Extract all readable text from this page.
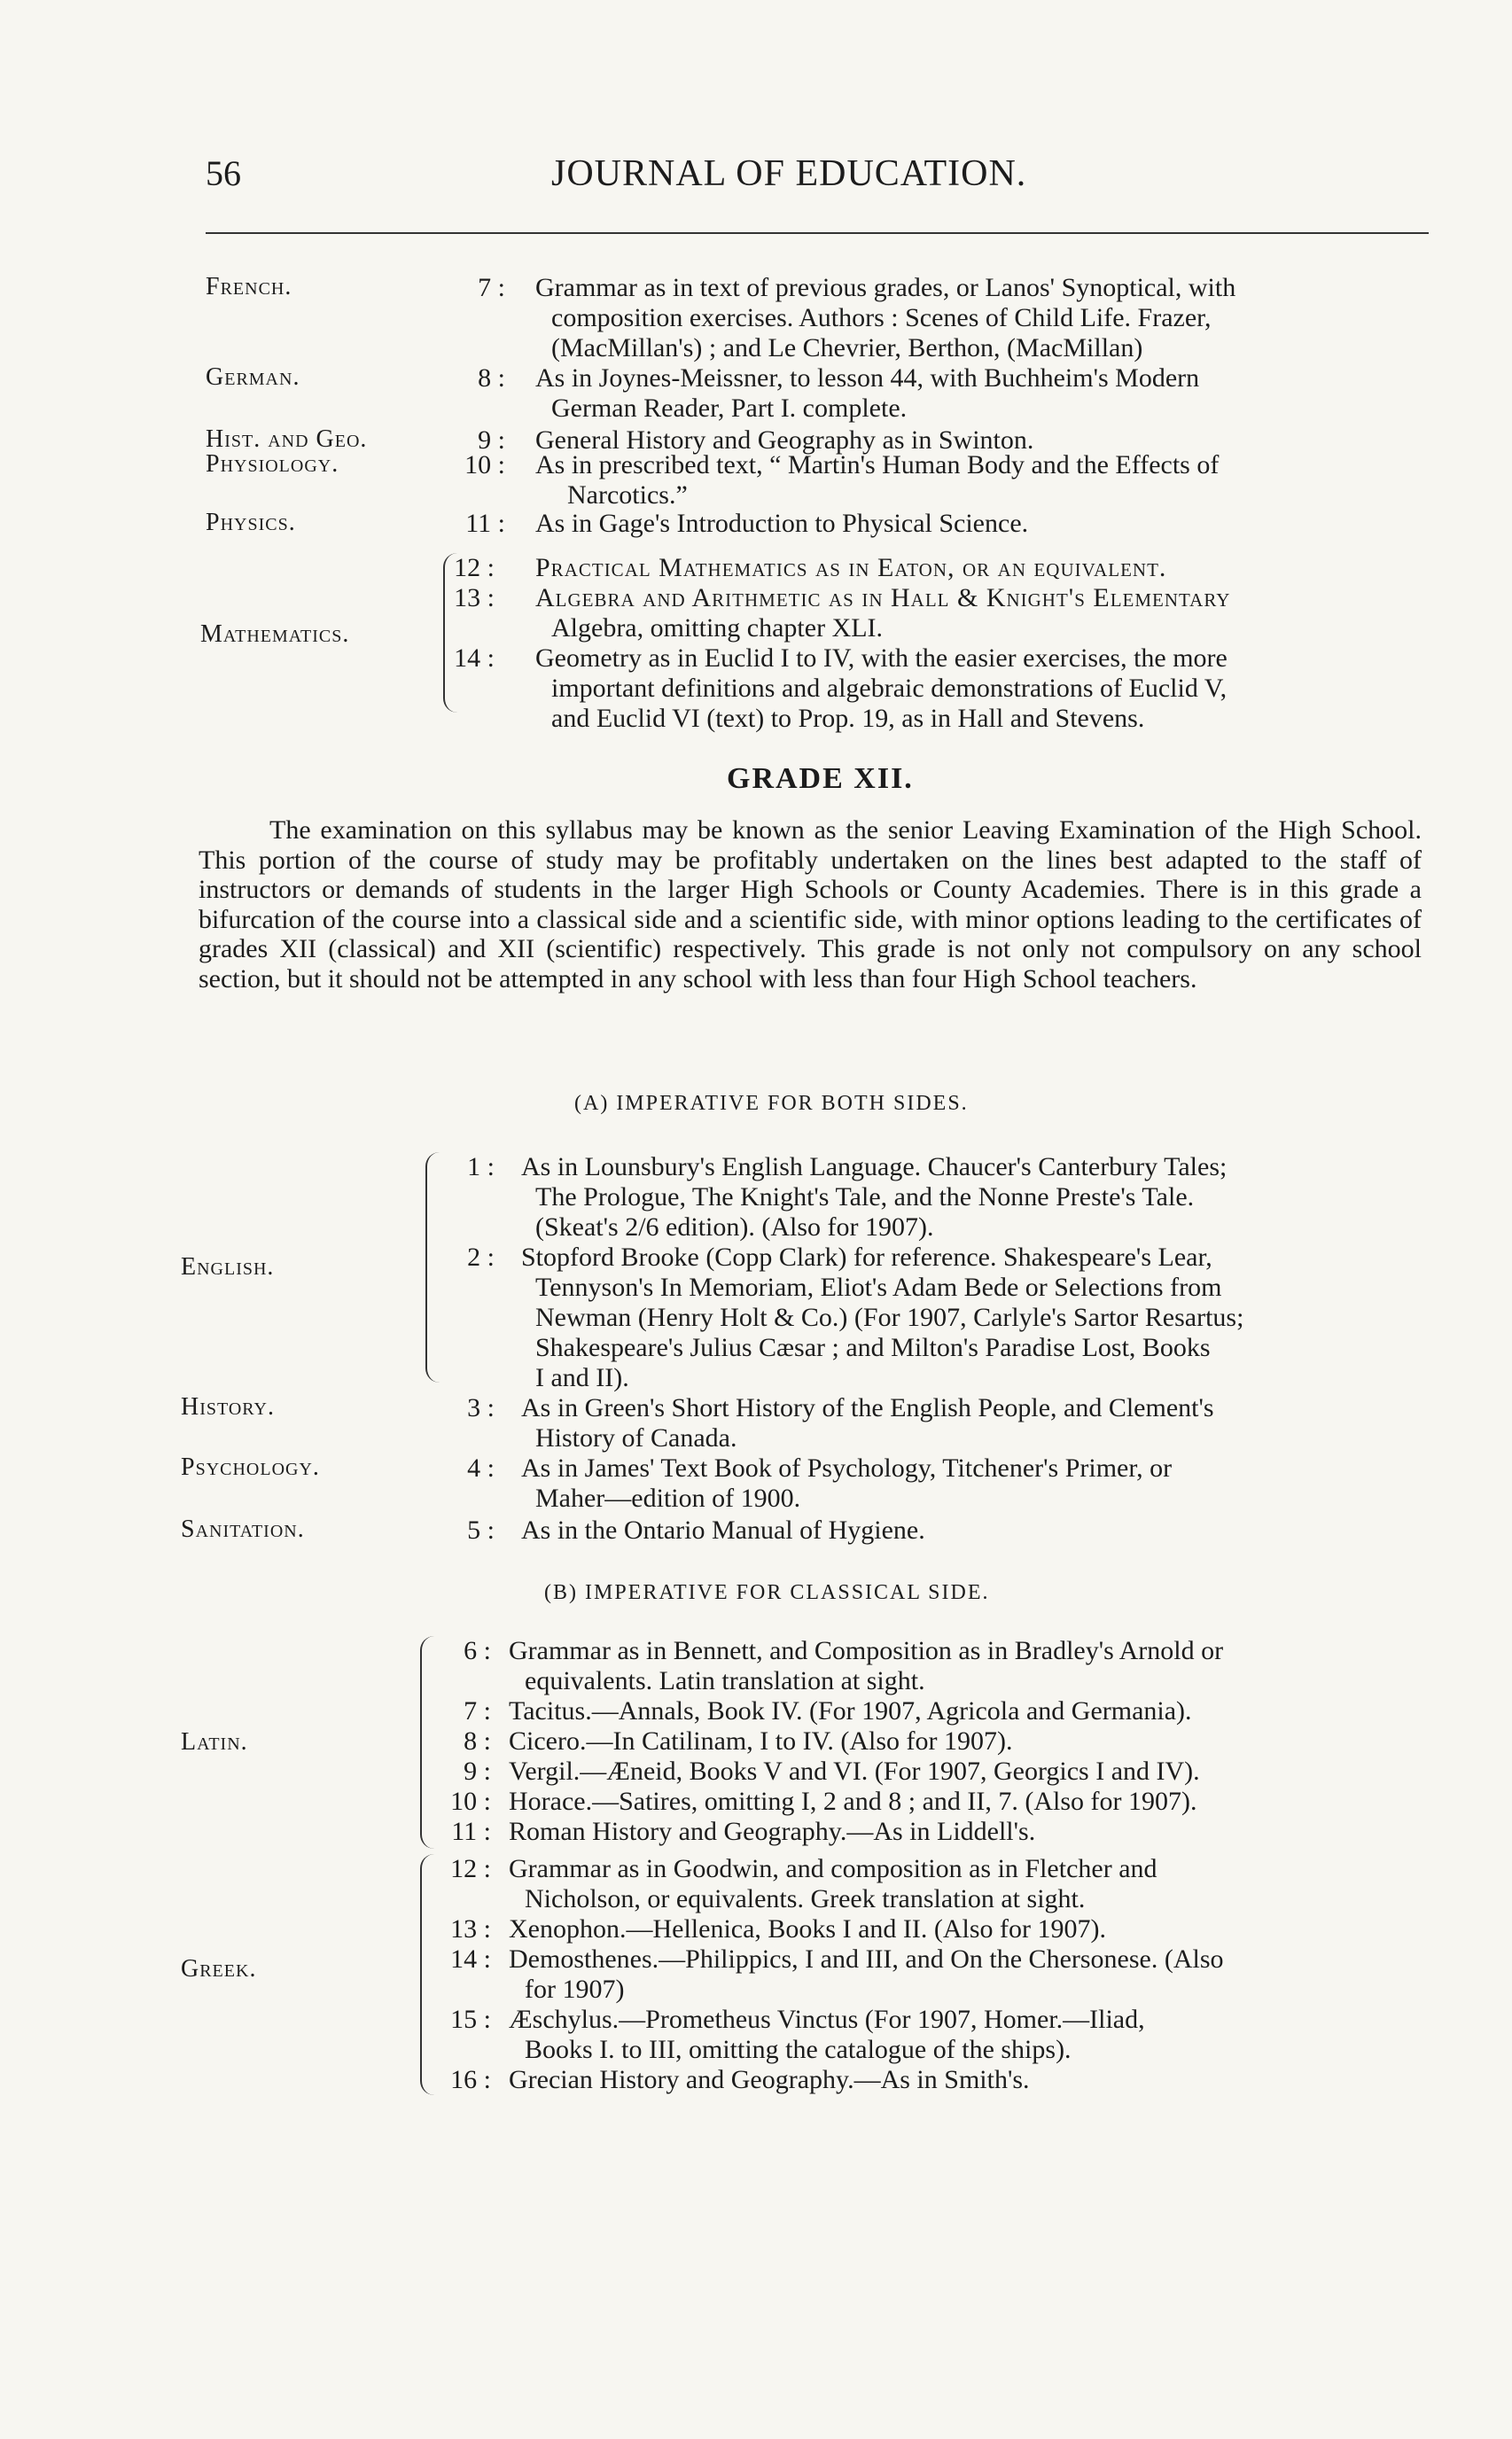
56	JOURNAL OF EDUCATION.
French.	7 : Grammar as in text of previous grades, or Lanos' Synoptical, with
composition exercises. Authors : Scenes of Child Life. Frazer,
(MacMillan's) ; and Le Chevrier, Berthon, (MacMillan)
German.	8 : As in Joynes-Meissner, to lesson 44, with Buchheim's Modern
German Reader, Part I. complete.
Hist. and Geo.	9 : General History and Geography as in Swinton.
Physiology.	10 : As in prescribed text, “ Martin's Human Body and the Effects of
Narcotics.”
Physics.	11 : As in Gage's Introduction to Physical Science.
Mathematics.
12 : Practical Mathematics as in Eaton, or an equivalent.
13 : Algebra and Arithmetic as in Hall & Knight's Elementary
Algebra, omitting chapter XLI.
14 : Geometry as in Euclid I to IV, with the easier exercises, the more
important definitions and algebraic demonstrations of Euclid V,
and Euclid VI (text) to Prop. 19, as in Hall and Stevens.
GRADE XII.
The examination on this syllabus may be known as the senior Leaving Examination of the High School. This portion of the course of study may be profitably undertaken on the lines best adapted to the staff of instructors or demands of students in the larger High Schools or County Academies. There is in this grade a bifurcation of the course into a classical side and a scientific side, with minor options leading to the certificates of grades XII (classical) and XII (scientific) respectively. This grade is not only not compulsory on any school section, but it should not be attempted in any school with less than four High School teachers.
(A) IMPERATIVE FOR BOTH SIDES.
English.
1 : As in Lounsbury's English Language. Chaucer's Canterbury Tales;
The Prologue, The Knight's Tale, and the Nonne Preste's Tale.
(Skeat's 2/6 edition). (Also for 1907).
2 : Stopford Brooke (Copp Clark) for reference. Shakespeare's Lear,
Tennyson's In Memoriam, Eliot's Adam Bede or Selections from
Newman (Henry Holt & Co.) (For 1907, Carlyle's Sartor Resartus;
Shakespeare's Julius Cæsar ; and Milton's Paradise Lost, Books
I and II).
History.	3 : As in Green's Short History of the English People, and Clement's
History of Canada.
Psychology.	4 : As in James' Text Book of Psychology, Titchener's Primer, or
Maher—edition of 1900.
Sanitation.	5 : As in the Ontario Manual of Hygiene.
(B) IMPERATIVE FOR CLASSICAL SIDE.
Latin.
6 : Grammar as in Bennett, and Composition as in Bradley's Arnold or
equivalents. Latin translation at sight.
7 : Tacitus.—Annals, Book IV. (For 1907, Agricola and Germania).
8 : Cicero.—In Catilinam, I to IV. (Also for 1907).
9 : Vergil.—Æneid, Books V and VI. (For 1907, Georgics I and IV).
10 : Horace.—Satires, omitting I, 2 and 8 ; and II, 7. (Also for 1907).
11 : Roman History and Geography.—As in Liddell's.
Greek.
12 : Grammar as in Goodwin, and composition as in Fletcher and
Nicholson, or equivalents. Greek translation at sight.
13 : Xenophon.—Hellenica, Books I and II. (Also for 1907).
14 : Demosthenes.—Philippics, I and III, and On the Chersonese. (Also
for 1907)
15 : Æschylus.—Prometheus Vinctus (For 1907, Homer.—Iliad,
Books I. to III, omitting the catalogue of the ships).
16 : Grecian History and Geography.—As in Smith's.
